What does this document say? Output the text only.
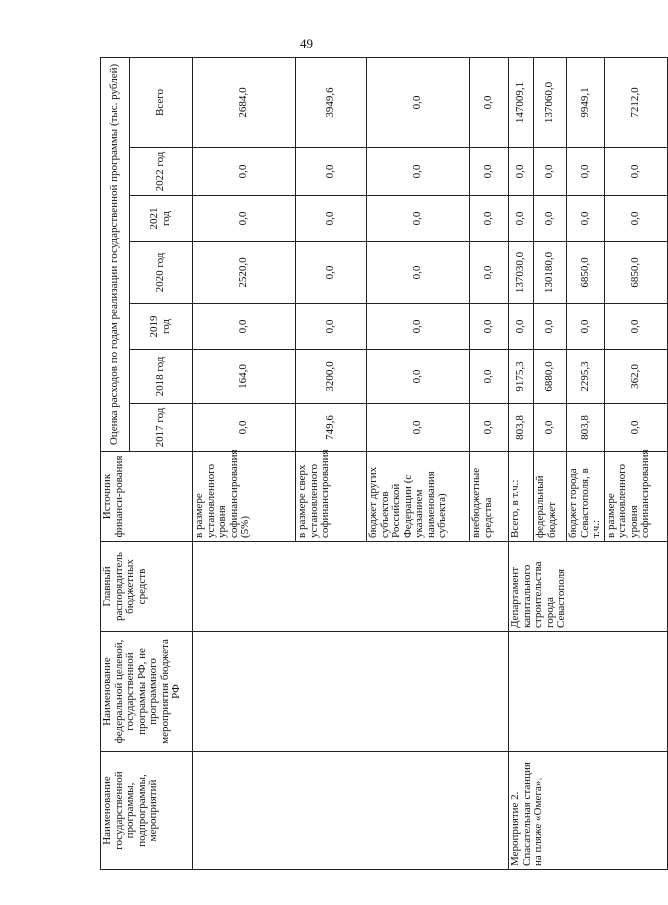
49
Наименование государственной программы, подпрограммы, мероприятий	Наименование федеральной целевой, государственной программы РФ, не программного мероприятия бюджета РФ	Главный распорядитель бюджетных средств	Источник финанси-рования	Оценка расходов по годам реализации государственной программы (тыс. рублей)						
				2017 год	2018 год	2019 год	2020 год	2021 год	2022 год	Всего
			в размере установленного уровня софинансирования (5%)	0,0	164,0	0,0	2520,0	0,0	0,0	2684,0
			в размере сверх установленного софинансирования	749,6	3200,0	0,0	0,0	0,0	0,0	3949,6
			бюджет других субъектов Российской Федерации (с указанием наименования субъекта)	0,0	0,0	0,0	0,0	0,0	0,0	0,0
			внебюджетные средства	0,0	0,0	0,0	0,0	0,0	0,0	0,0
Мероприятие 2. Спасательная станция на пляже «Омега»		Департамент капитального строительства города Севастополя	Всего, в т.ч.:	803,8	9175,3	0,0	137030,0	0,0	0,0	147009,1
			федеральный бюджет	0,0	6880,0	0,0	130180,0	0,0	0,0	137060,0
			бюджет города Севастополя, в т.ч.:	803,8	2295,3	0,0	6850,0	0,0	0,0	9949,1
			в размере установленного уровня софинансирования	0,0	362,0	0,0	6850,0	0,0	0,0	7212,0
